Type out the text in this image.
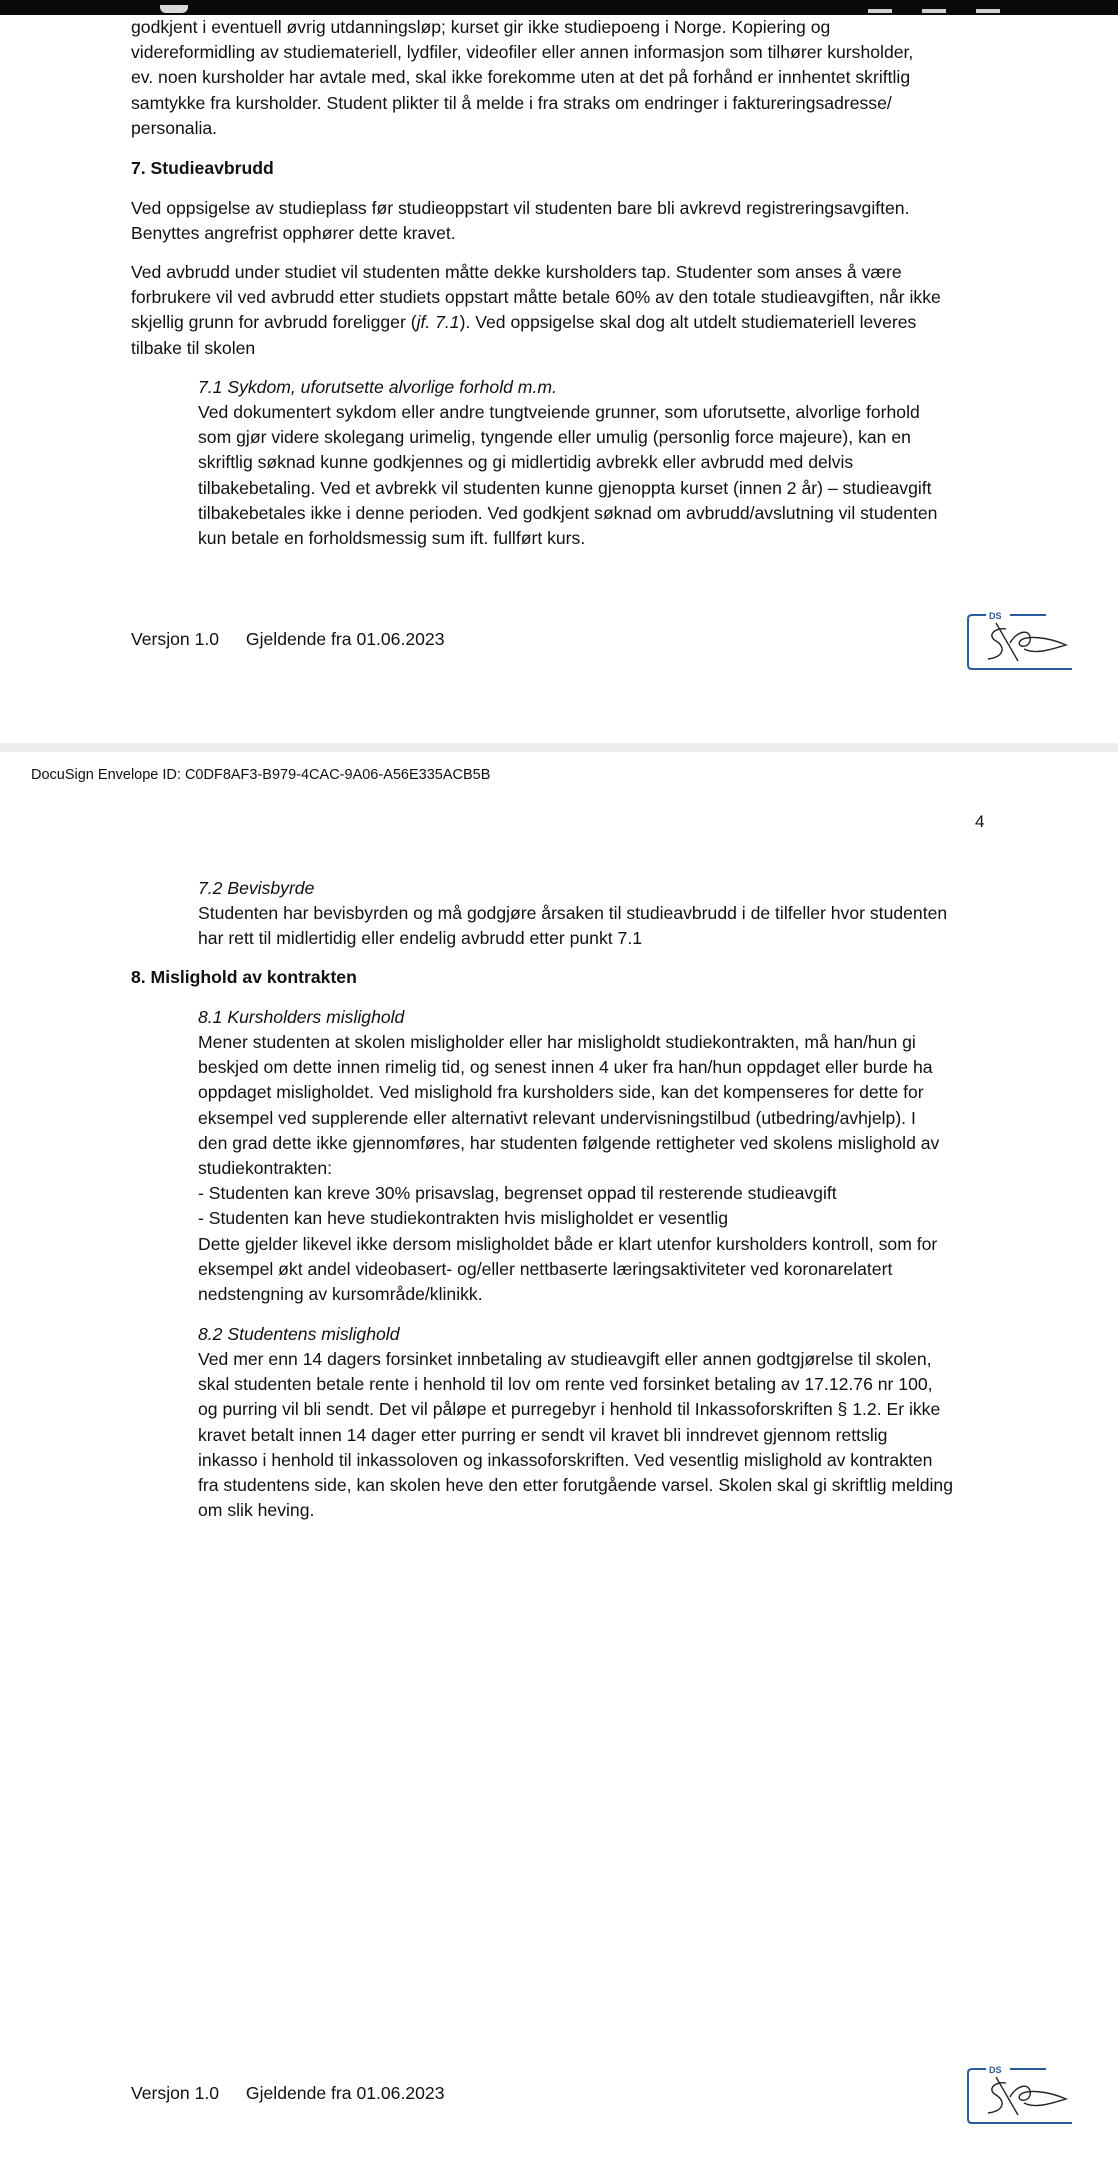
godkjent i eventuell øvrig utdanningsløp; kurset gir ikke studiepoeng i Norge. Kopiering og
videreformidling av studiemateriell, lydfiler, videofiler eller annen informasjon som tilhører kursholder,
ev. noen kursholder har avtale med, skal ikke forekomme uten at det på forhånd er innhentet skriftlig
samtykke fra kursholder. Student plikter til å melde i fra straks om endringer i faktureringsadresse/
personalia.
7. Studieavbrudd
Ved oppsigelse av studieplass før studieoppstart vil studenten bare bli avkrevd registreringsavgiften.
Benyttes angrefrist opphører dette kravet.
Ved avbrudd under studiet vil studenten måtte dekke kursholders tap. Studenter som anses å være
forbrukere vil ved avbrudd etter studiets oppstart måtte betale 60% av den totale studieavgiften, når ikke
skjellig grunn for avbrudd foreligger (jf. 7.1). Ved oppsigelse skal dog alt utdelt studiemateriell leveres
tilbake til skolen
7.1 Sykdom, uforutsette alvorlige forhold m.m.
Ved dokumentert sykdom eller andre tungtveiende grunner, som uforutsette, alvorlige forhold
som gjør videre skolegang urimelig, tyngende eller umulig (personlig force majeure), kan en
skriftlig søknad kunne godkjennes og gi midlertidig avbrekk eller avbrudd med delvis
tilbakebetaling. Ved et avbrekk vil studenten kunne gjenoppta kurset (innen 2 år) – studieavgift
tilbakebetales ikke i denne perioden. Ved godkjent søknad om avbrudd/avslutning vil studenten
kun betale en forholdsmessig sum ift. fullført kurs.
Versjon 1.0 Gjeldende fra 01.06.2023
DS
DocuSign Envelope ID: C0DF8AF3-B979-4CAC-9A06-A56E335ACB5B
4
7.2 Bevisbyrde
Studenten har bevisbyrden og må godgjøre årsaken til studieavbrudd i de tilfeller hvor studenten
har rett til midlertidig eller endelig avbrudd etter punkt 7.1
8. Mislighold av kontrakten
8.1 Kursholders mislighold
Mener studenten at skolen misligholder eller har misligholdt studiekontrakten, må han/hun gi
beskjed om dette innen rimelig tid, og senest innen 4 uker fra han/hun oppdaget eller burde ha
oppdaget misligholdet. Ved mislighold fra kursholders side, kan det kompenseres for dette for
eksempel ved supplerende eller alternativt relevant undervisningstilbud (utbedring/avhjelp). I
den grad dette ikke gjennomføres, har studenten følgende rettigheter ved skolens mislighold av
studiekontrakten:
- Studenten kan kreve 30% prisavslag, begrenset oppad til resterende studieavgift
- Studenten kan heve studiekontrakten hvis misligholdet er vesentlig
Dette gjelder likevel ikke dersom misligholdet både er klart utenfor kursholders kontroll, som for
eksempel økt andel videobasert- og/eller nettbaserte læringsaktiviteter ved koronarelatert
nedstengning av kursområde/klinikk.
8.2 Studentens mislighold
Ved mer enn 14 dagers forsinket innbetaling av studieavgift eller annen godtgjørelse til skolen,
skal studenten betale rente i henhold til lov om rente ved forsinket betaling av 17.12.76 nr 100,
og purring vil bli sendt. Det vil påløpe et purregebyr i henhold til Inkassoforskriften § 1.2. Er ikke
kravet betalt innen 14 dager etter purring er sendt vil kravet bli inndrevet gjennom rettslig
inkasso i henhold til inkassoloven og inkassoforskriften. Ved vesentlig mislighold av kontrakten
fra studentens side, kan skolen heve den etter forutgående varsel. Skolen skal gi skriftlig melding
om slik heving.
Versjon 1.0 Gjeldende fra 01.06.2023
DS
